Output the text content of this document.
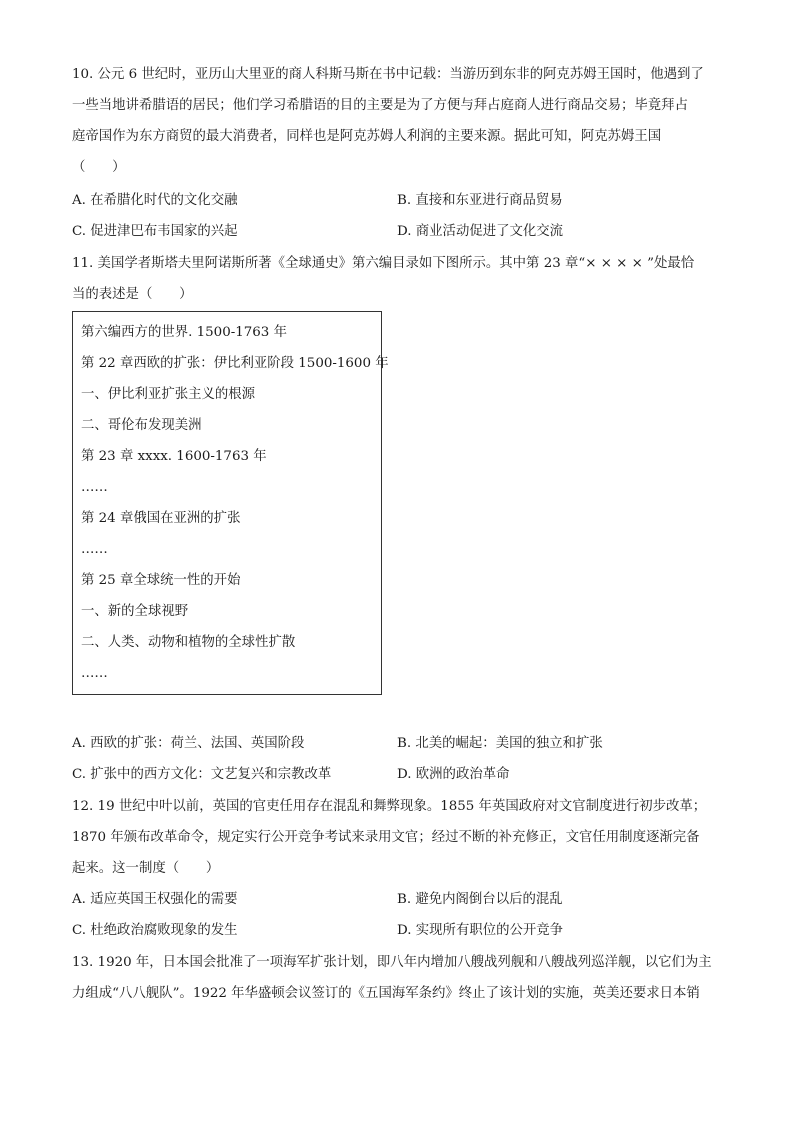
10. 公元 6 世纪时，亚历山大里亚的商人科斯马斯在书中记载：当游历到东非的阿克苏姆王国时，他遇到了
一些当地讲希腊语的居民；他们学习希腊语的目的主要是为了方便与拜占庭商人进行商品交易；毕竟拜占
庭帝国作为东方商贸的最大消费者，同样也是阿克苏姆人利润的主要来源。据此可知，阿克苏姆王国
（　　）
A. 在希腊化时代的文化交融	B. 直接和东亚进行商品贸易
C. 促进津巴布韦国家的兴起	D. 商业活动促进了文化交流
11. 美国学者斯塔夫里阿诺斯所著《全球通史》第六编目录如下图所示。其中第 23 章“× × × × ”处最恰
当的表述是（　　）
第六编西方的世界. 1500-1763 年
第 22 章西欧的扩张：伊比利亚阶段 1500-1600 年
一、伊比利亚扩张主义的根源
二、哥伦布发现美洲
第 23 章 xxxx. 1600-1763 年
……
第 24 章俄国在亚洲的扩张
……
第 25 章全球统一性的开始
一、新的全球视野
二、人类、动物和植物的全球性扩散
……
A. 西欧的扩张：荷兰、法国、英国阶段	B. 北美的崛起：美国的独立和扩张
C. 扩张中的西方文化：文艺复兴和宗教改革	D. 欧洲的政治革命
12. 19 世纪中叶以前，英国的官吏任用存在混乱和舞弊现象。1855 年英国政府对文官制度进行初步改革；
1870 年颁布改革命令，规定实行公开竞争考试来录用文官；经过不断的补充修正，文官任用制度逐渐完备
起来。这一制度（　　）
A. 适应英国王权强化的需要	B. 避免内阁倒台以后的混乱
C. 杜绝政治腐败现象的发生	D. 实现所有职位的公开竞争
13. 1920 年，日本国会批准了一项海军扩张计划，即八年内增加八艘战列舰和八艘战列巡洋舰，以它们为主
力组成“八八舰队”。1922 年华盛顿会议签订的《五国海军条约》终止了该计划的实施，英美还要求日本销
